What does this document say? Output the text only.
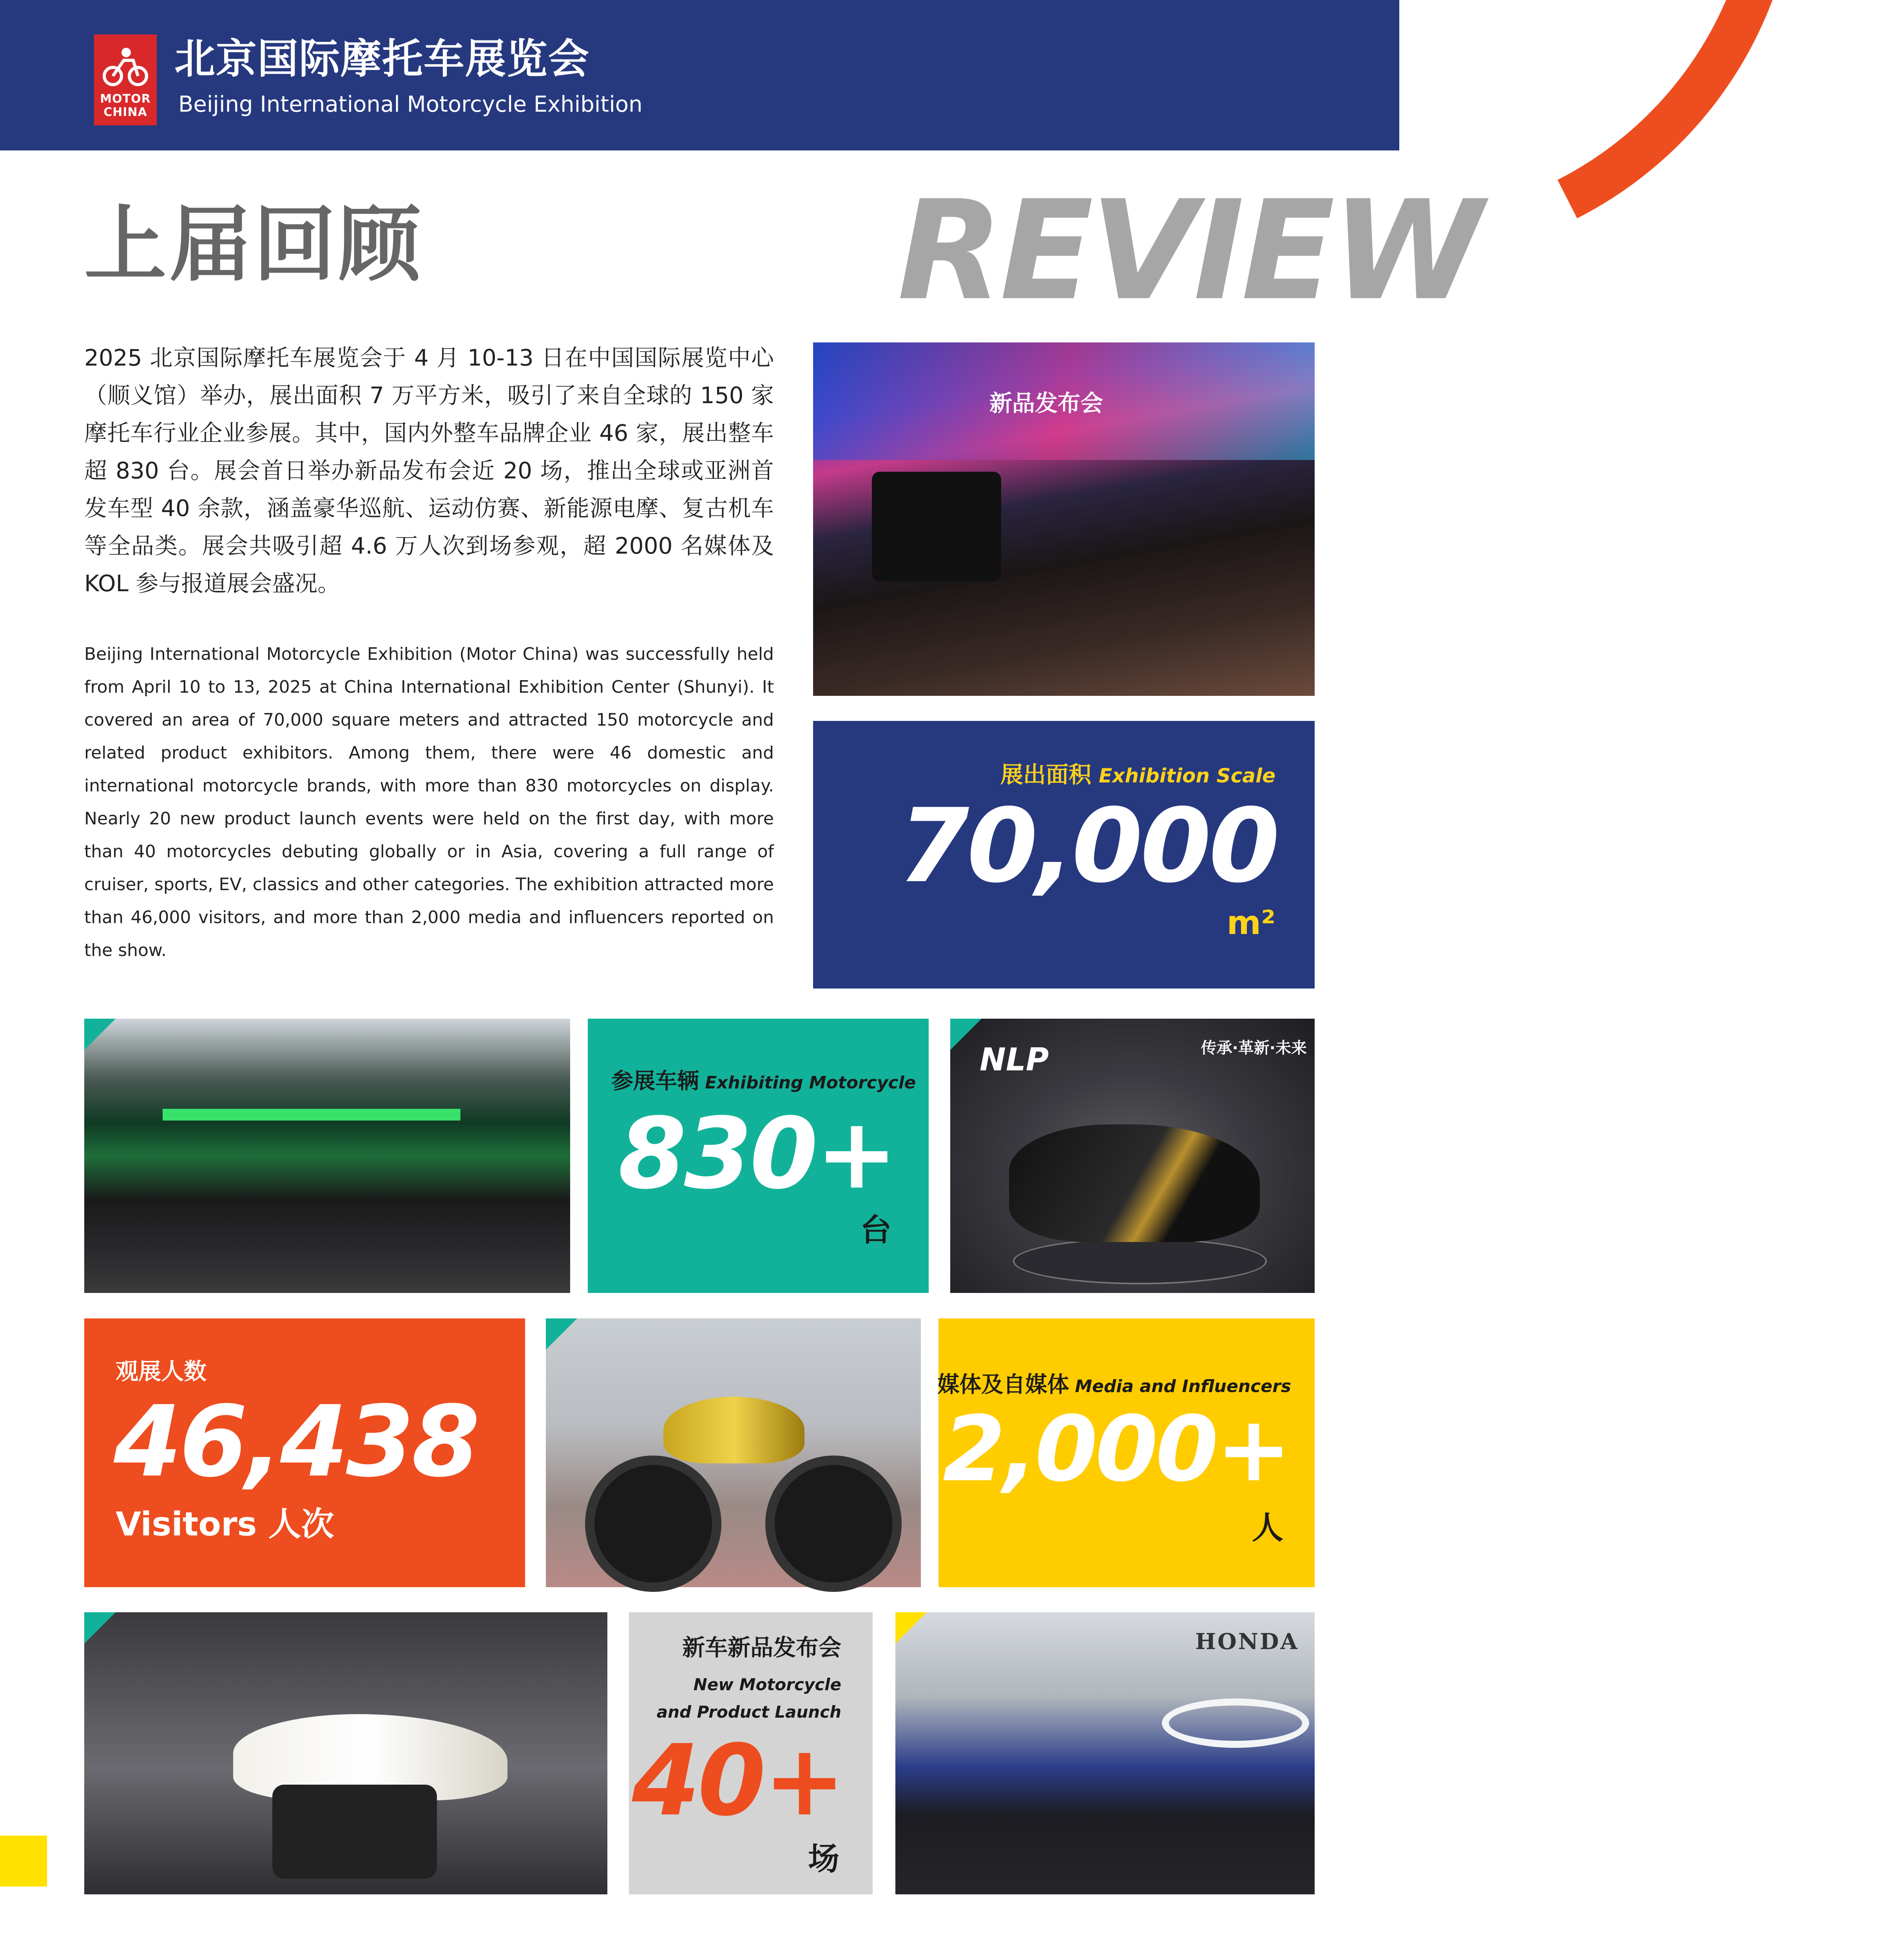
MOTOR CHINA
北京国际摩托车展览会
Beijing International Motorcycle Exhibition
上届回顾	REVIEW
2025 北京国际摩托车展览会于 4 月 10-13 日在中国国际展览中心（顺义馆）举办，展出面积 7 万平方米，吸引了来自全球的 150 家摩托车行业企业参展。其中，国内外整车品牌企业 46 家，展出整车超 830 台。展会首日举办新品发布会近 20 场，推出全球或亚洲首发车型 40 余款，涵盖豪华巡航、运动仿赛、新能源电摩、复古机车等全品类。展会共吸引超 4.6 万人次到场参观，超 2000 名媒体及 KOL 参与报道展会盛况。
Beijing International Motorcycle Exhibition (Motor China) was successfully held from April 10 to 13, 2025 at China International Exhibition Center (Shunyi). It covered an area of 70,000 square meters and attracted 150 motorcycle and related product exhibitors. Among them, there were 46 domestic and international motorcycle brands, with more than 830 motorcycles on display. Nearly 20 new product launch events were held on the first day, with more than 40 motorcycles debuting globally or in Asia, covering a full range of cruiser, sports, EV, classics and other categories. The exhibition attracted more than 46,000 visitors, and more than 2,000 media and influencers reported on the show.
新品发布会
展出面积 Exhibition Scale
70,000
m²
参展车辆 Exhibiting Motorcycle
830+
台
NLP	传承·革新·未来
观展人数
46,438
Visitors 人次
媒体及自媒体 Media and Influencers
2,000+
人
新车新品发布会
New Motorcycle
and Product Launch
40+
场
HONDA
